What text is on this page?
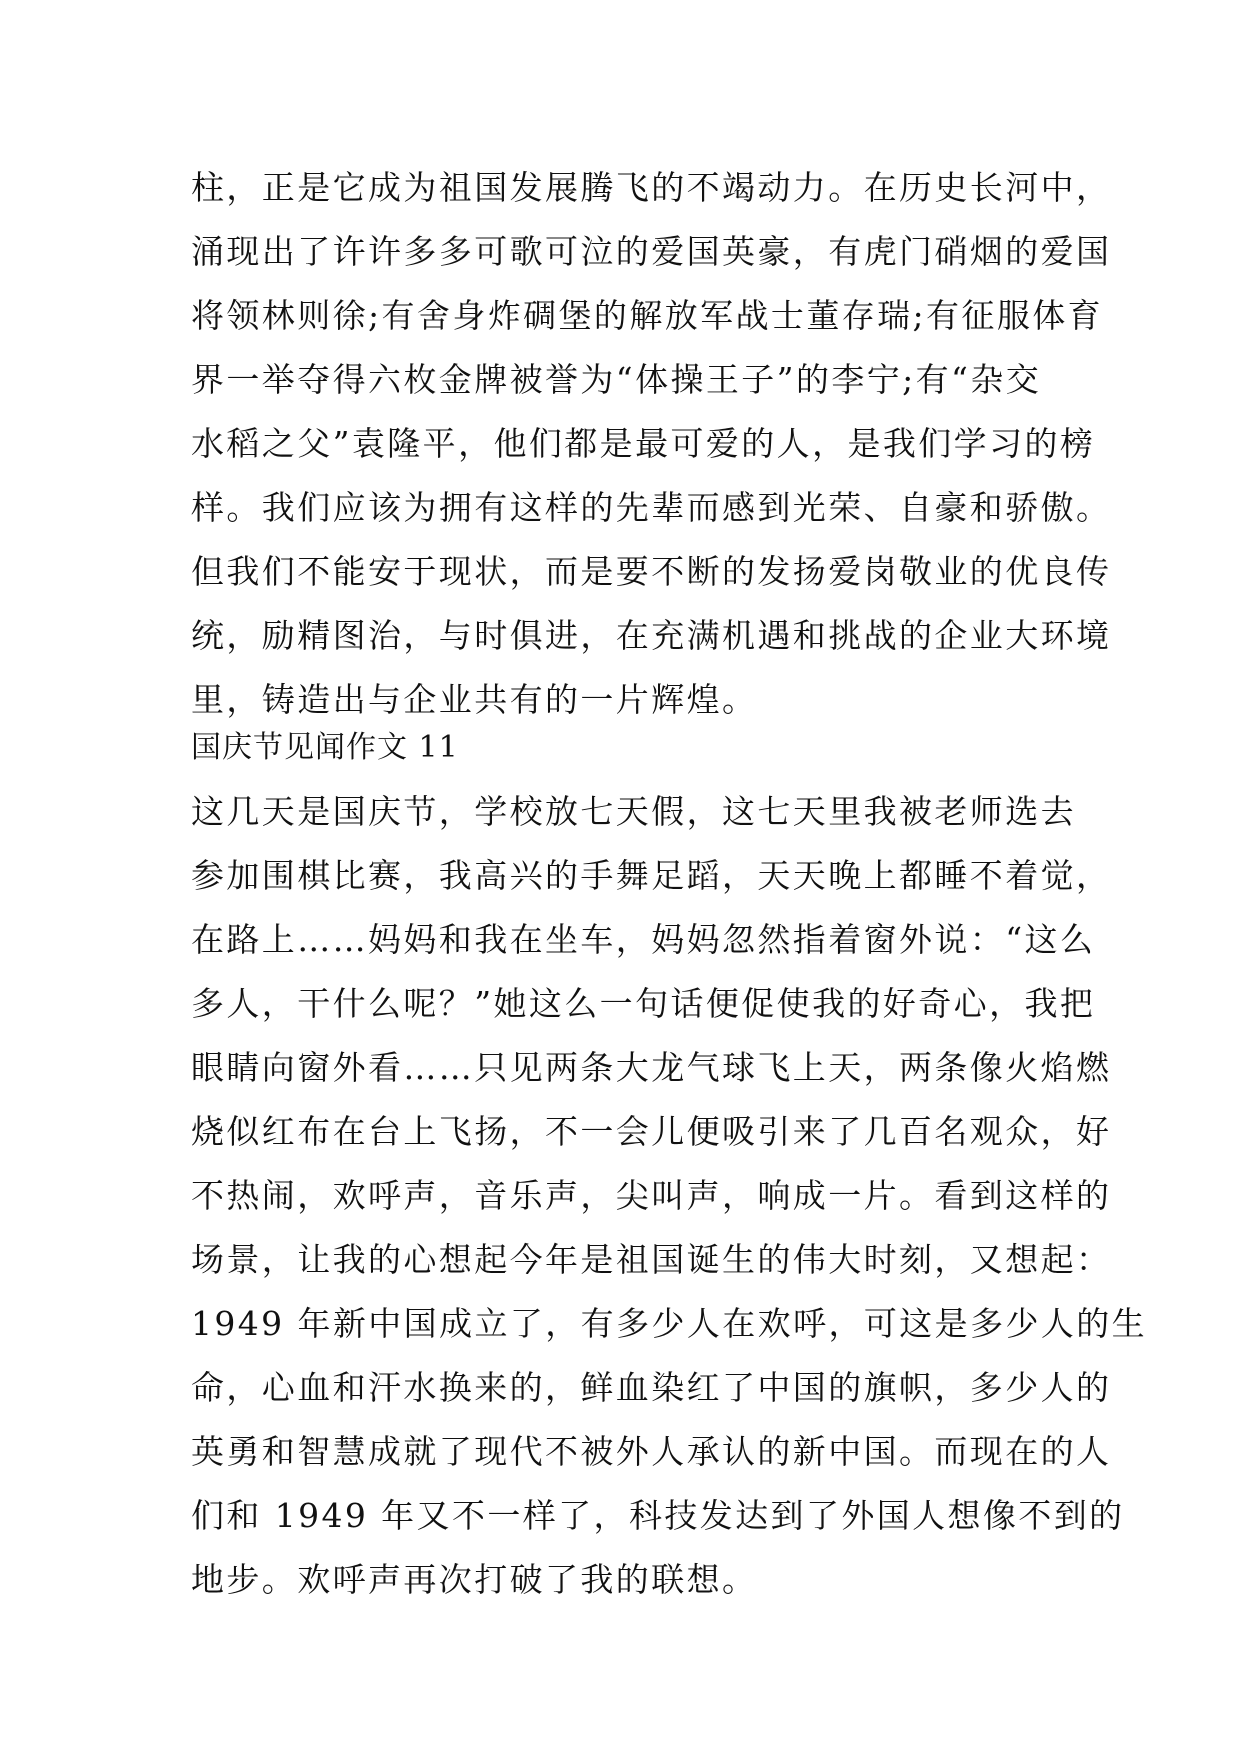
柱，正是它成为祖国发展腾飞的不竭动力。在历史长河中，
涌现出了许许多多可歌可泣的爱国英豪，有虎门硝烟的爱国
将领林则徐;有舍身炸碉堡的解放军战士董存瑞;有征服体育
界一举夺得六枚金牌被誉为“体操王子”的李宁;有“杂交
水稻之父”袁隆平，他们都是最可爱的人，是我们学习的榜
样。我们应该为拥有这样的先辈而感到光荣、自豪和骄傲。
但我们不能安于现状，而是要不断的发扬爱岗敬业的优良传
统，励精图治，与时俱进，在充满机遇和挑战的企业大环境
里，铸造出与企业共有的一片辉煌。
国庆节见闻作文 11
这几天是国庆节，学校放七天假，这七天里我被老师选去
参加围棋比赛，我高兴的手舞足蹈，天天晚上都睡不着觉，
在路上……妈妈和我在坐车，妈妈忽然指着窗外说：“这么
多人，干什么呢？”她这么一句话便促使我的好奇心，我把
眼睛向窗外看……只见两条大龙气球飞上天，两条像火焰燃
烧似红布在台上飞扬，不一会儿便吸引来了几百名观众，好
不热闹，欢呼声，音乐声，尖叫声，响成一片。看到这样的
场景，让我的心想起今年是祖国诞生的伟大时刻，又想起：
1949 年新中国成立了，有多少人在欢呼，可这是多少人的生
命，心血和汗水换来的，鲜血染红了中国的旗帜，多少人的
英勇和智慧成就了现代不被外人承认的新中国。而现在的人
们和 1949 年又不一样了，科技发达到了外国人想像不到的
地步。欢呼声再次打破了我的联想。
